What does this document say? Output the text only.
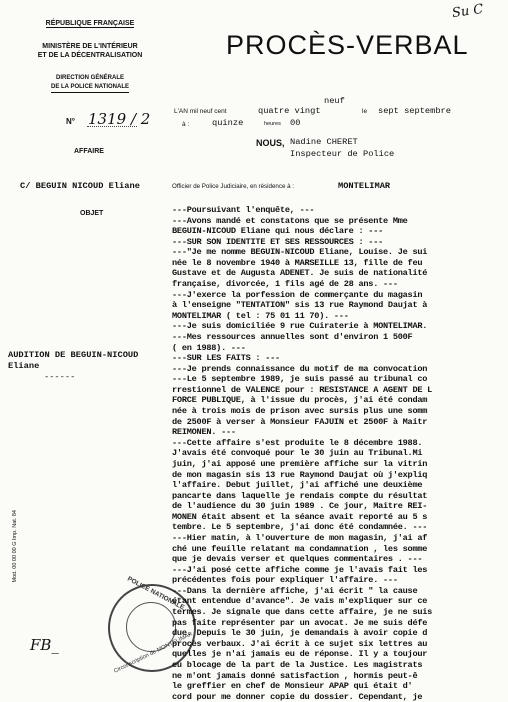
Su C
RÉPUBLIQUE FRANÇAISE
MINISTÈRE DE L'INTÉRIEUR
ET DE LA DÉCENTRALISATION
DIRECTION GÉNÉRALE
DE LA POLICE NATIONALE
N° 1319 / 2
PROCÈS-VERBAL
L'AN mil neuf cent	quatre vingt
neuf
le sept septembre
à :	quinze	heures 00
NOUS, Nadine CHERET
Inspecteur de Police
Officier de Police Judiciaire, en résidence à :	MONTELIMAR
AFFAIRE
C/ BEGUIN NICOUD Eliane
OBJET
AUDITION DE BEGUIN-NICOUD
Eliane
------
Mod. 00 00 00 G Imp. Nat. 84
FB_
POLICE NATIONALE
Circonscription de MONTELIMAR
---Poursuivant l'enquête, ---
---Avons mandé et constatons que se présente Mme
BEGUIN-NICOUD Eliane qui nous déclare : ---
---SUR SON IDENTITE ET SES RESSOURCES : ---
---"Je me nomme BEGUIN-NICOUD Eliane, Louise. Je sui
née le 8 novembre 1940 à MARSEILLE 13, fille de feu
Gustave et de Augusta ADENET. Je suis de nationalité
française, divorcée, 1 fils agé de 28 ans. ---
---J'exerce la porfession de commerçante du magasin
à l'enseigne "TENTATION" sis 13 rue Raymond Daujat à
MONTELIMAR ( tel : 75 01 11 70). ---
---Je suis domiciliée 9 rue Cuiraterie à MONTELIMAR.
---Mes ressources annuelles sont d'environ 1 500F
( en 1988). ---
---SUR LES FAITS : ---
---Je prends connaissance du motif de ma convocation
---Le 5 septembre 1989, je suis passé au tribunal co
rrestionnel de VALENCE pour : RESISTANCE A AGENT DE L
FORCE PUBLIQUE, à l'issue du procès, j'ai été condam
née à trois mois de prison avec sursis plus une somm
de 2500F à verser à Monsieur FAJUIN et 2500F à Maitr
REIMONEN. ---
---Cette affaire s'est produite le 8 décembre 1988.
J'avais été convoqué pour le 30 juin au Tribunal.Mi
juin, j'ai apposé une première affiche sur la vitrin
de mon magasin sis 13 rue Raymond Daujat où j'expliq
l'affaire. Debut juillet, j'ai affiché une deuxième
pancarte dans laquelle je rendais compte du résultat
de l'audience du 30 juin 1989 . Ce jour, Maitre REI-
MONEN était absent et la séance avait reporté au 5 s
tembre. Le 5 septembre, j'ai donc été condamnée. ---
---Hier matin, à l'ouverture de mon magasin, j'ai af
ché une feuille relatant ma condamnation , les somme
que je devais verser et quelques commentaires . ---
---J'ai posé cette affiche comme je l'avais fait les
précédentes fois pour expliquer l'affaire. ---
---Dans la dernière affiche, j'ai écrit " la cause
étant entendue d'avance". Je vais m'expliquer sur ce
termes. Je signale que dans cette affaire, je ne suis
pas faite représenter par un avocat. Je me suis défe
due. Depuis le 30 juin, je demandais à avoir copie d
procès verbaux. J'ai écrit à ce sujet six lettres au
quelles je n'ai jamais eu de réponse. Il y a toujour
eu blocage de la part de la Justice. Les magistrats
ne m'ont jamais donné satisfaction , hormis peut-ê
le greffier en chef de Monsieur APAP qui était d'
cord pour me donner copie du dossier. Cependant, je
